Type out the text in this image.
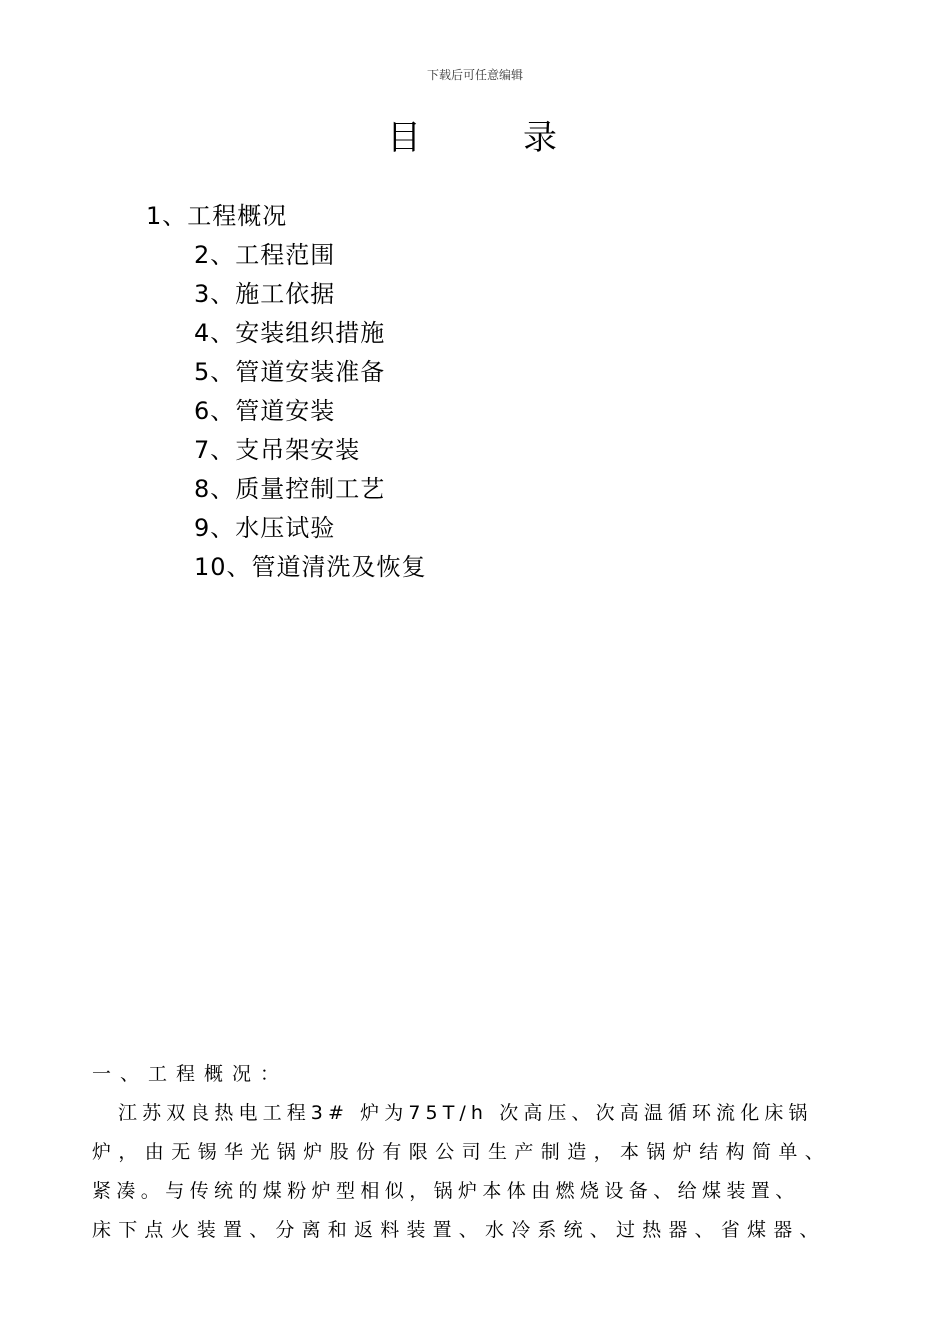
下载后可任意编辑
目	录
1、工程概况
2、工程范围
3、施工依据
4、安装组织措施
5、管道安装准备
6、管道安装
7、支吊架安装
8、质量控制工艺
9、水压试验
10、管道清洗及恢复
一、工程概况：
江苏双良热电工程3# 炉为75T/h 次高压、次高温循环流化床锅
炉，由无锡华光锅炉股份有限公司生产制造，本锅炉结构简单、
紧凑。与传统的煤粉炉型相似，锅炉本体由燃烧设备、给煤装置、
床下点火装置、分离和返料装置、水冷系统、过热器、省煤器、
